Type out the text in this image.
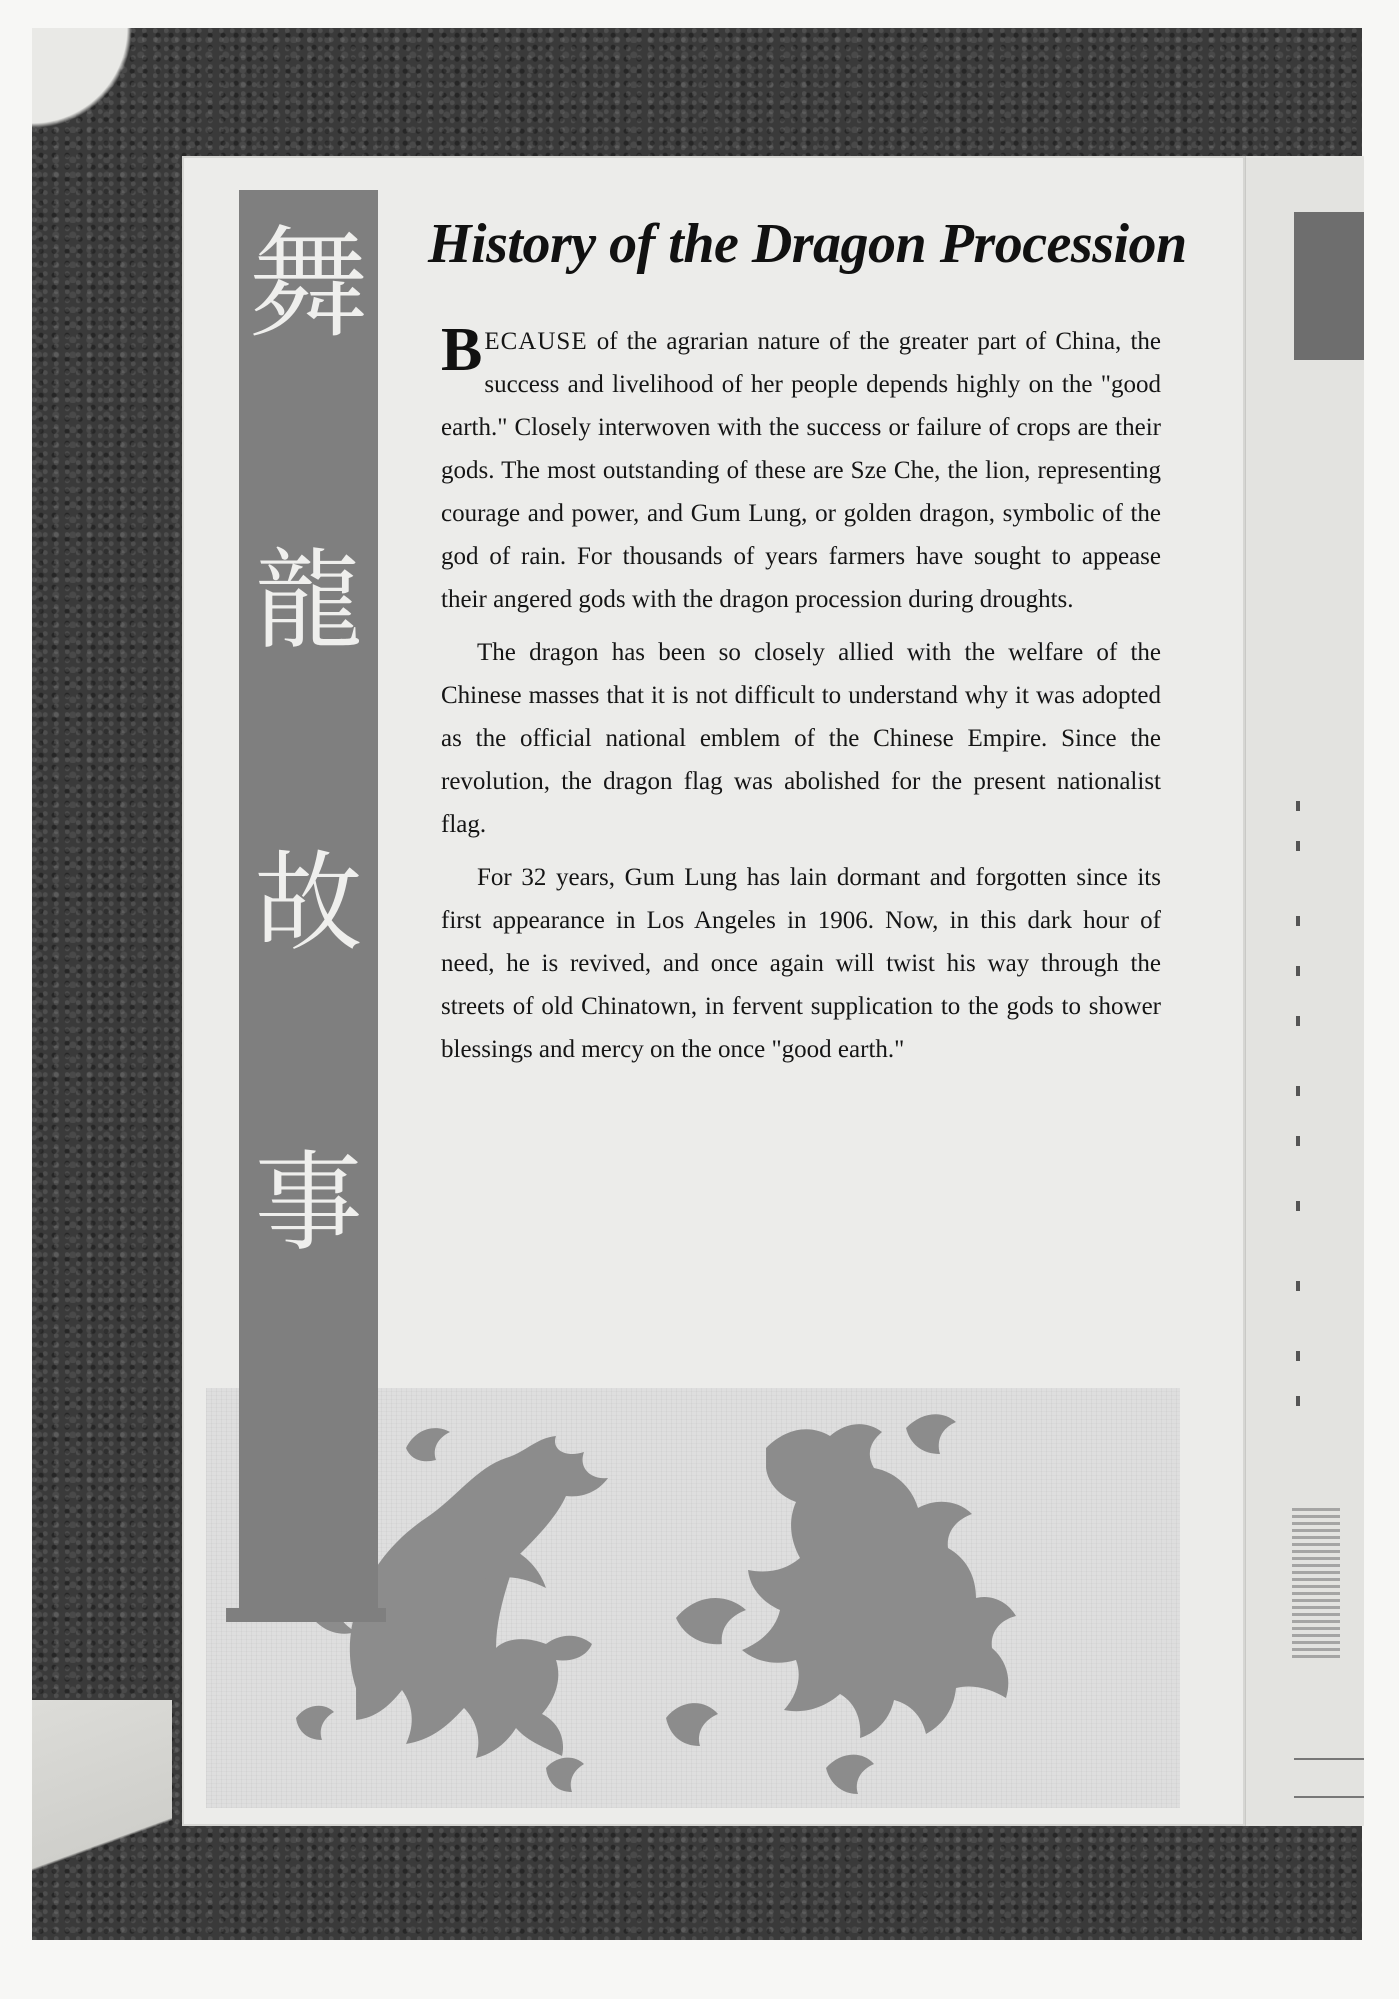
舞
龍
故
事
History of the Dragon Procession

BECAUSE of the agrarian nature of the greater part of China, the success and livelihood of her people depends highly on the "good earth." Closely interwoven with the success or failure of crops are their gods. The most outstanding of these are Sze Che, the lion, representing courage and power, and Gum Lung, or golden dragon, symbolic of the god of rain. For thousands of years farmers have sought to appease their angered gods with the dragon procession during droughts.

The dragon has been so closely allied with the welfare of the Chinese masses that it is not difficult to understand why it was adopted as the official national emblem of the Chinese Empire. Since the revolution, the dragon flag was abolished for the present nationalist flag.

For 32 years, Gum Lung has lain dormant and forgotten since its first appearance in Los Angeles in 1906. Now, in this dark hour of need, he is revived, and once again will twist his way through the streets of old Chinatown, in fervent supplication to the gods to shower blessings and mercy on the once "good earth."
